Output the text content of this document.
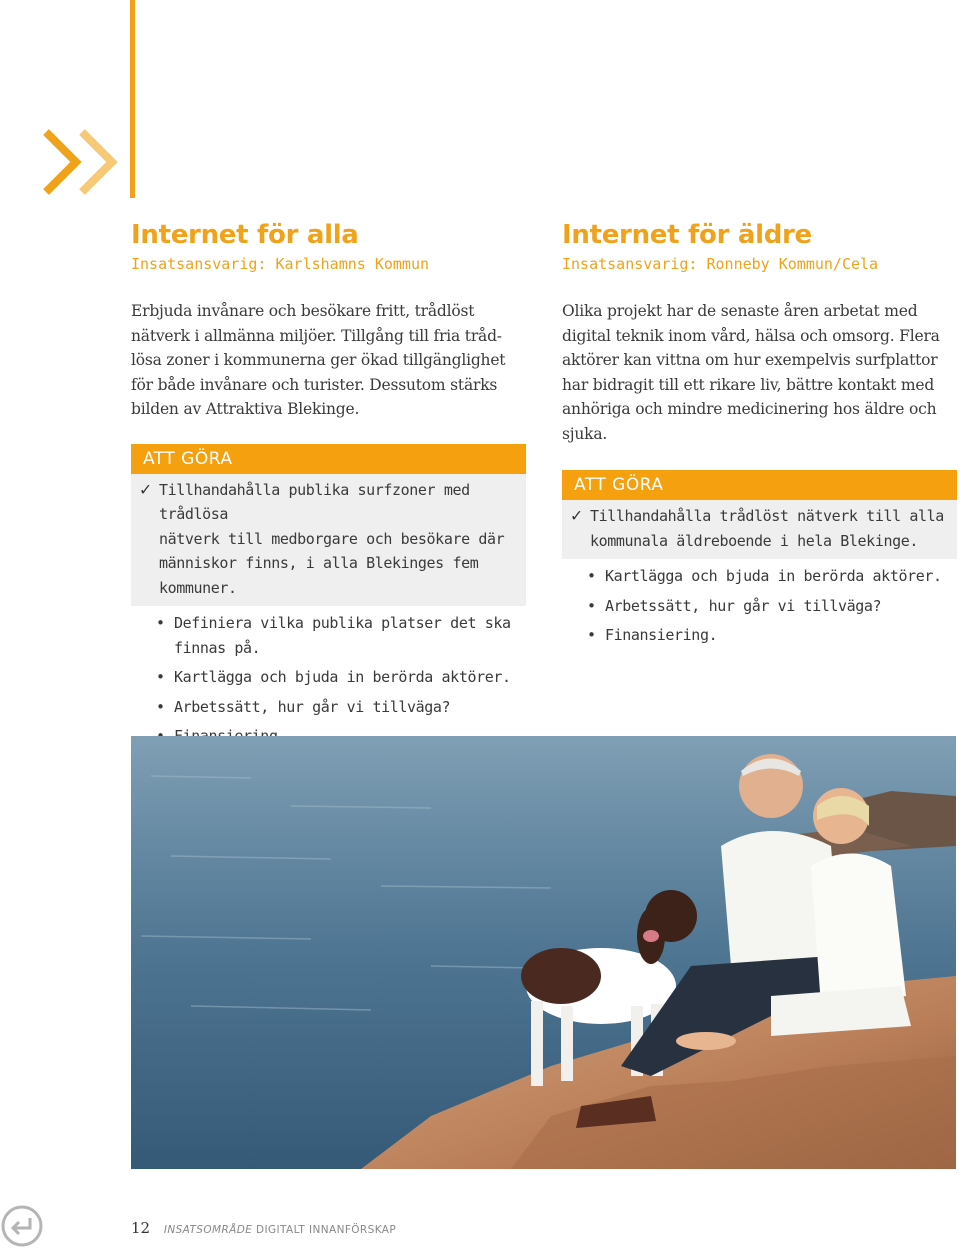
Internet för alla
Insatsansvarig: Karlshamns Kommun
Erbjuda invånare och besökare fritt, trådlöst
nätverk i allmänna miljöer. Tillgång till fria tråd-
lösa zoner i kommunerna ger ökad tillgänglighet
för både invånare och turister. Dessutom stärks
bilden av Attraktiva Blekinge.
ATT GÖRA
✓ Tillhandahålla publika surfzoner med trådlösa
nätverk till medborgare och besökare där
människor finns, i alla Blekinges fem kommuner.
• Definiera vilka publika platser det ska
finnas på.
• Kartlägga och bjuda in berörda aktörer.
• Arbetssätt, hur går vi tillväga?
•
Internet för äldre
Insatsansvarig: Ronneby Kommun/Cela
Olika projekt har de senaste åren arbetat med
digital teknik inom vård, hälsa och omsorg. Flera
aktörer kan vittna om hur exempelvis surfplattor
har bidragit till ett rikare liv, bättre kontakt med
anhöriga och mindre medicinering hos äldre och
sjuka.
ATT GÖRA
✓ Tillhandahålla trådlöst nätverk till alla
kommunala äldreboende i hela Blekinge.
• Kartlägga och bjuda in berörda aktörer.
• Arbetssätt, hur går vi tillväga?
• Finansiering.
12 INSATSOMRÅDE DIGITALT INNANFÖRSKAP
